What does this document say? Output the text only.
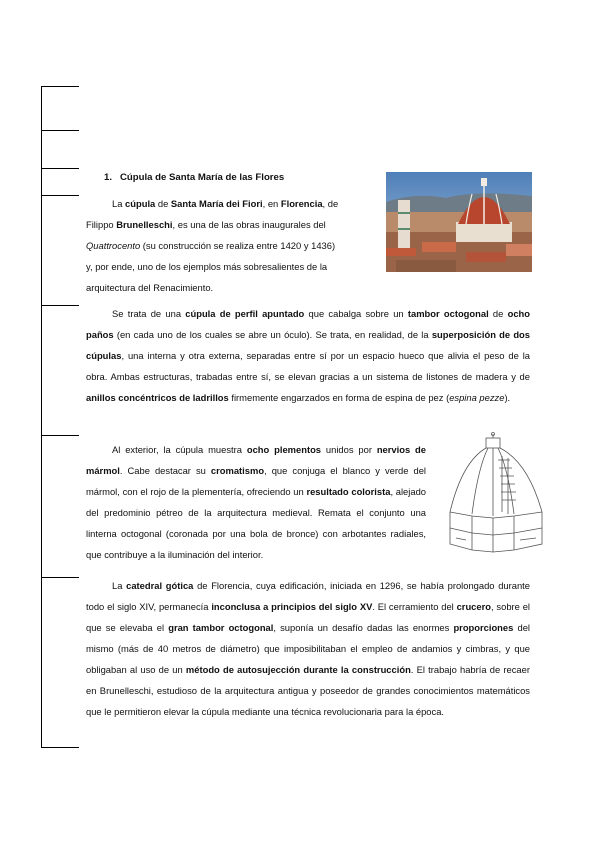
1. Cúpula de Santa María de las Flores
La cúpula de Santa María dei Fiori, en Florencia, de
Filippo Brunelleschi, es una de las obras inaugurales del
Quattrocento (su construcción se realiza entre 1420 y 1436)
y, por ende, uno de los ejemplos más sobresalientes de la
arquitectura del Renacimiento.

Se trata de una cúpula de perfil apuntado que cabalga sobre un tambor octogonal de ocho paños (en cada uno de los cuales se abre un óculo). Se trata, en realidad, de la superposición de dos cúpulas, una interna y otra externa, separadas entre sí por un espacio hueco que alivia el peso de la obra. Ambas estructuras, trabadas entre sí, se elevan gracias a un sistema de listones de madera y de anillos concéntricos de ladrillos firmemente engarzados en forma de espina de pez (espina pezze).

Al exterior, la cúpula muestra ocho plementos unidos por nervios de mármol. Cabe destacar su cromatismo, que conjuga el blanco y verde del mármol, con el rojo de la plementería, ofreciendo un resultado colorista, alejado del predominio pétreo de la arquitectura medieval. Remata el conjunto una linterna octogonal (coronada por una bola de bronce) con arbotantes radiales, que contribuye a la iluminación del interior.

La catedral gótica de Florencia, cuya edificación, iniciada en 1296, se había prolongado durante todo el siglo XIV, permanecía inconclusa a principios del siglo XV. El cerramiento del crucero, sobre el que se elevaba el gran tambor octogonal, suponía un desafío dadas las enormes proporciones del mismo (más de 40 metros de diámetro) que imposibilitaban el empleo de andamios y cimbras, y que obligaban al uso de un método de autosujección durante la construcción. El trabajo habría de recaer en Brunelleschi, estudioso de la arquitectura antigua y poseedor de grandes conocimientos matemáticos que le permitieron elevar la cúpula mediante una técnica revolucionaria para la época.
